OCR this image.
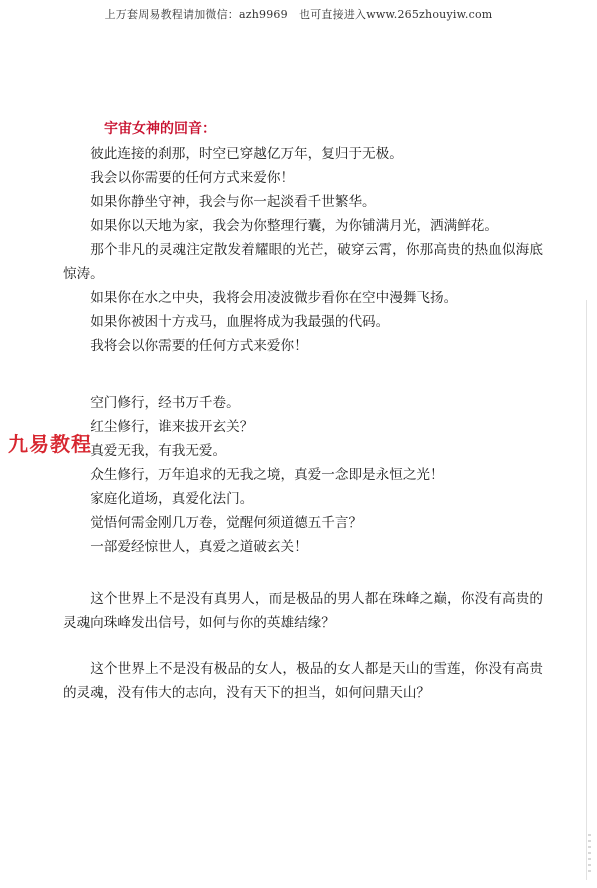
上万套周易教程请加微信：azh9969　也可直接进入www.265zhouyiw.com
九易教程
宇宙女神的回音：

彼此连接的刹那，时空已穿越亿万年，复归于无极。

我会以你需要的任何方式来爱你！

如果你静坐守神，我会与你一起淡看千世繁华。

如果你以天地为家，我会为你整理行囊，为你铺满月光，洒满鲜花。

那个非凡的灵魂注定散发着耀眼的光芒，破穿云霄，你那高贵的热血似海底惊涛。

如果你在水之中央，我将会用凌波微步看你在空中漫舞飞扬。

如果你被困十方戎马，血腥将成为我最强的代码。

我将会以你需要的任何方式来爱你！

空门修行，经书万千卷。

红尘修行，谁来拔开玄关？

真爱无我，有我无爱。

众生修行，万年追求的无我之境，真爱一念即是永恒之光！

家庭化道场，真爱化法门。

觉悟何需金刚几万卷，觉醒何须道德五千言？

一部爱经惊世人，真爱之道破玄关！

这个世界上不是没有真男人，而是极品的男人都在珠峰之巅，你没有高贵的灵魂向珠峰发出信号，如何与你的英雄结缘？

这个世界上不是没有极品的女人，极品的女人都是天山的雪莲，你没有高贵的灵魂，没有伟大的志向，没有天下的担当，如何问鼎天山？
